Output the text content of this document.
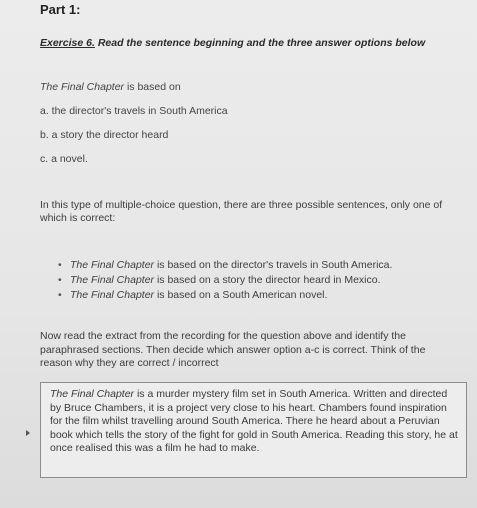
Part 1:
Exercise 6. Read the sentence beginning and the three answer options below
The Final Chapter is based on
a. the director's travels in South America
b. a story the director heard
c. a novel.
In this type of multiple-choice question, there are three possible sentences, only one of which is correct:
• The Final Chapter is based on the director's travels in South America.
• The Final Chapter is based on a story the director heard in Mexico.
• The Final Chapter is based on a South American novel.
Now read the extract from the recording for the question above and identify the paraphrased sections. Then decide which answer option a-c is correct. Think of the reason why they are correct / incorrect
The Final Chapter is a murder mystery film set in South America. Written and directed by Bruce Chambers, it is a project very close to his heart. Chambers found inspiration for the film whilst travelling around South America. There he heard about a Peruvian book which tells the story of the fight for gold in South America. Reading this story, he at once realised this was a film he had to make.
